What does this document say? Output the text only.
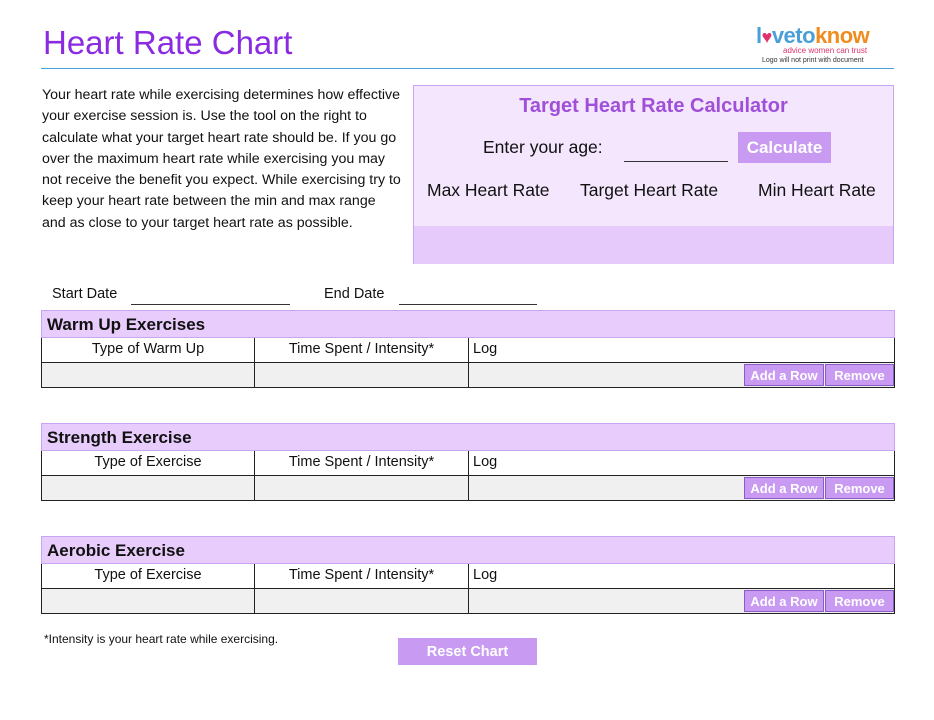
Heart Rate Chart	l♥vetoknow
advice women can trust
Logo will not print with document
Your heart rate while exercising determines how effective your exercise session is. Use the tool on the right to calculate what your target heart rate should be. If you go over the maximum heart rate while exercising you may not receive the benefit you expect. While exercising try to keep your heart rate between the min and max range and as close to your target heart rate as possible.
Target Heart Rate Calculator
Enter your age:	Calculate
Max Heart Rate Target Heart Rate Min Heart Rate
Start Date	End Date
Warm Up Exercises
Type of Warm Up	Time Spent / Intensity*	Log
Add a Row	Remove
Strength Exercise
Type of Exercise	Time Spent / Intensity*	Log
Add a Row	Remove
Aerobic Exercise
Type of Exercise	Time Spent / Intensity*	Log
Add a Row	Remove
*Intensity is your heart rate while exercising.
Reset Chart
